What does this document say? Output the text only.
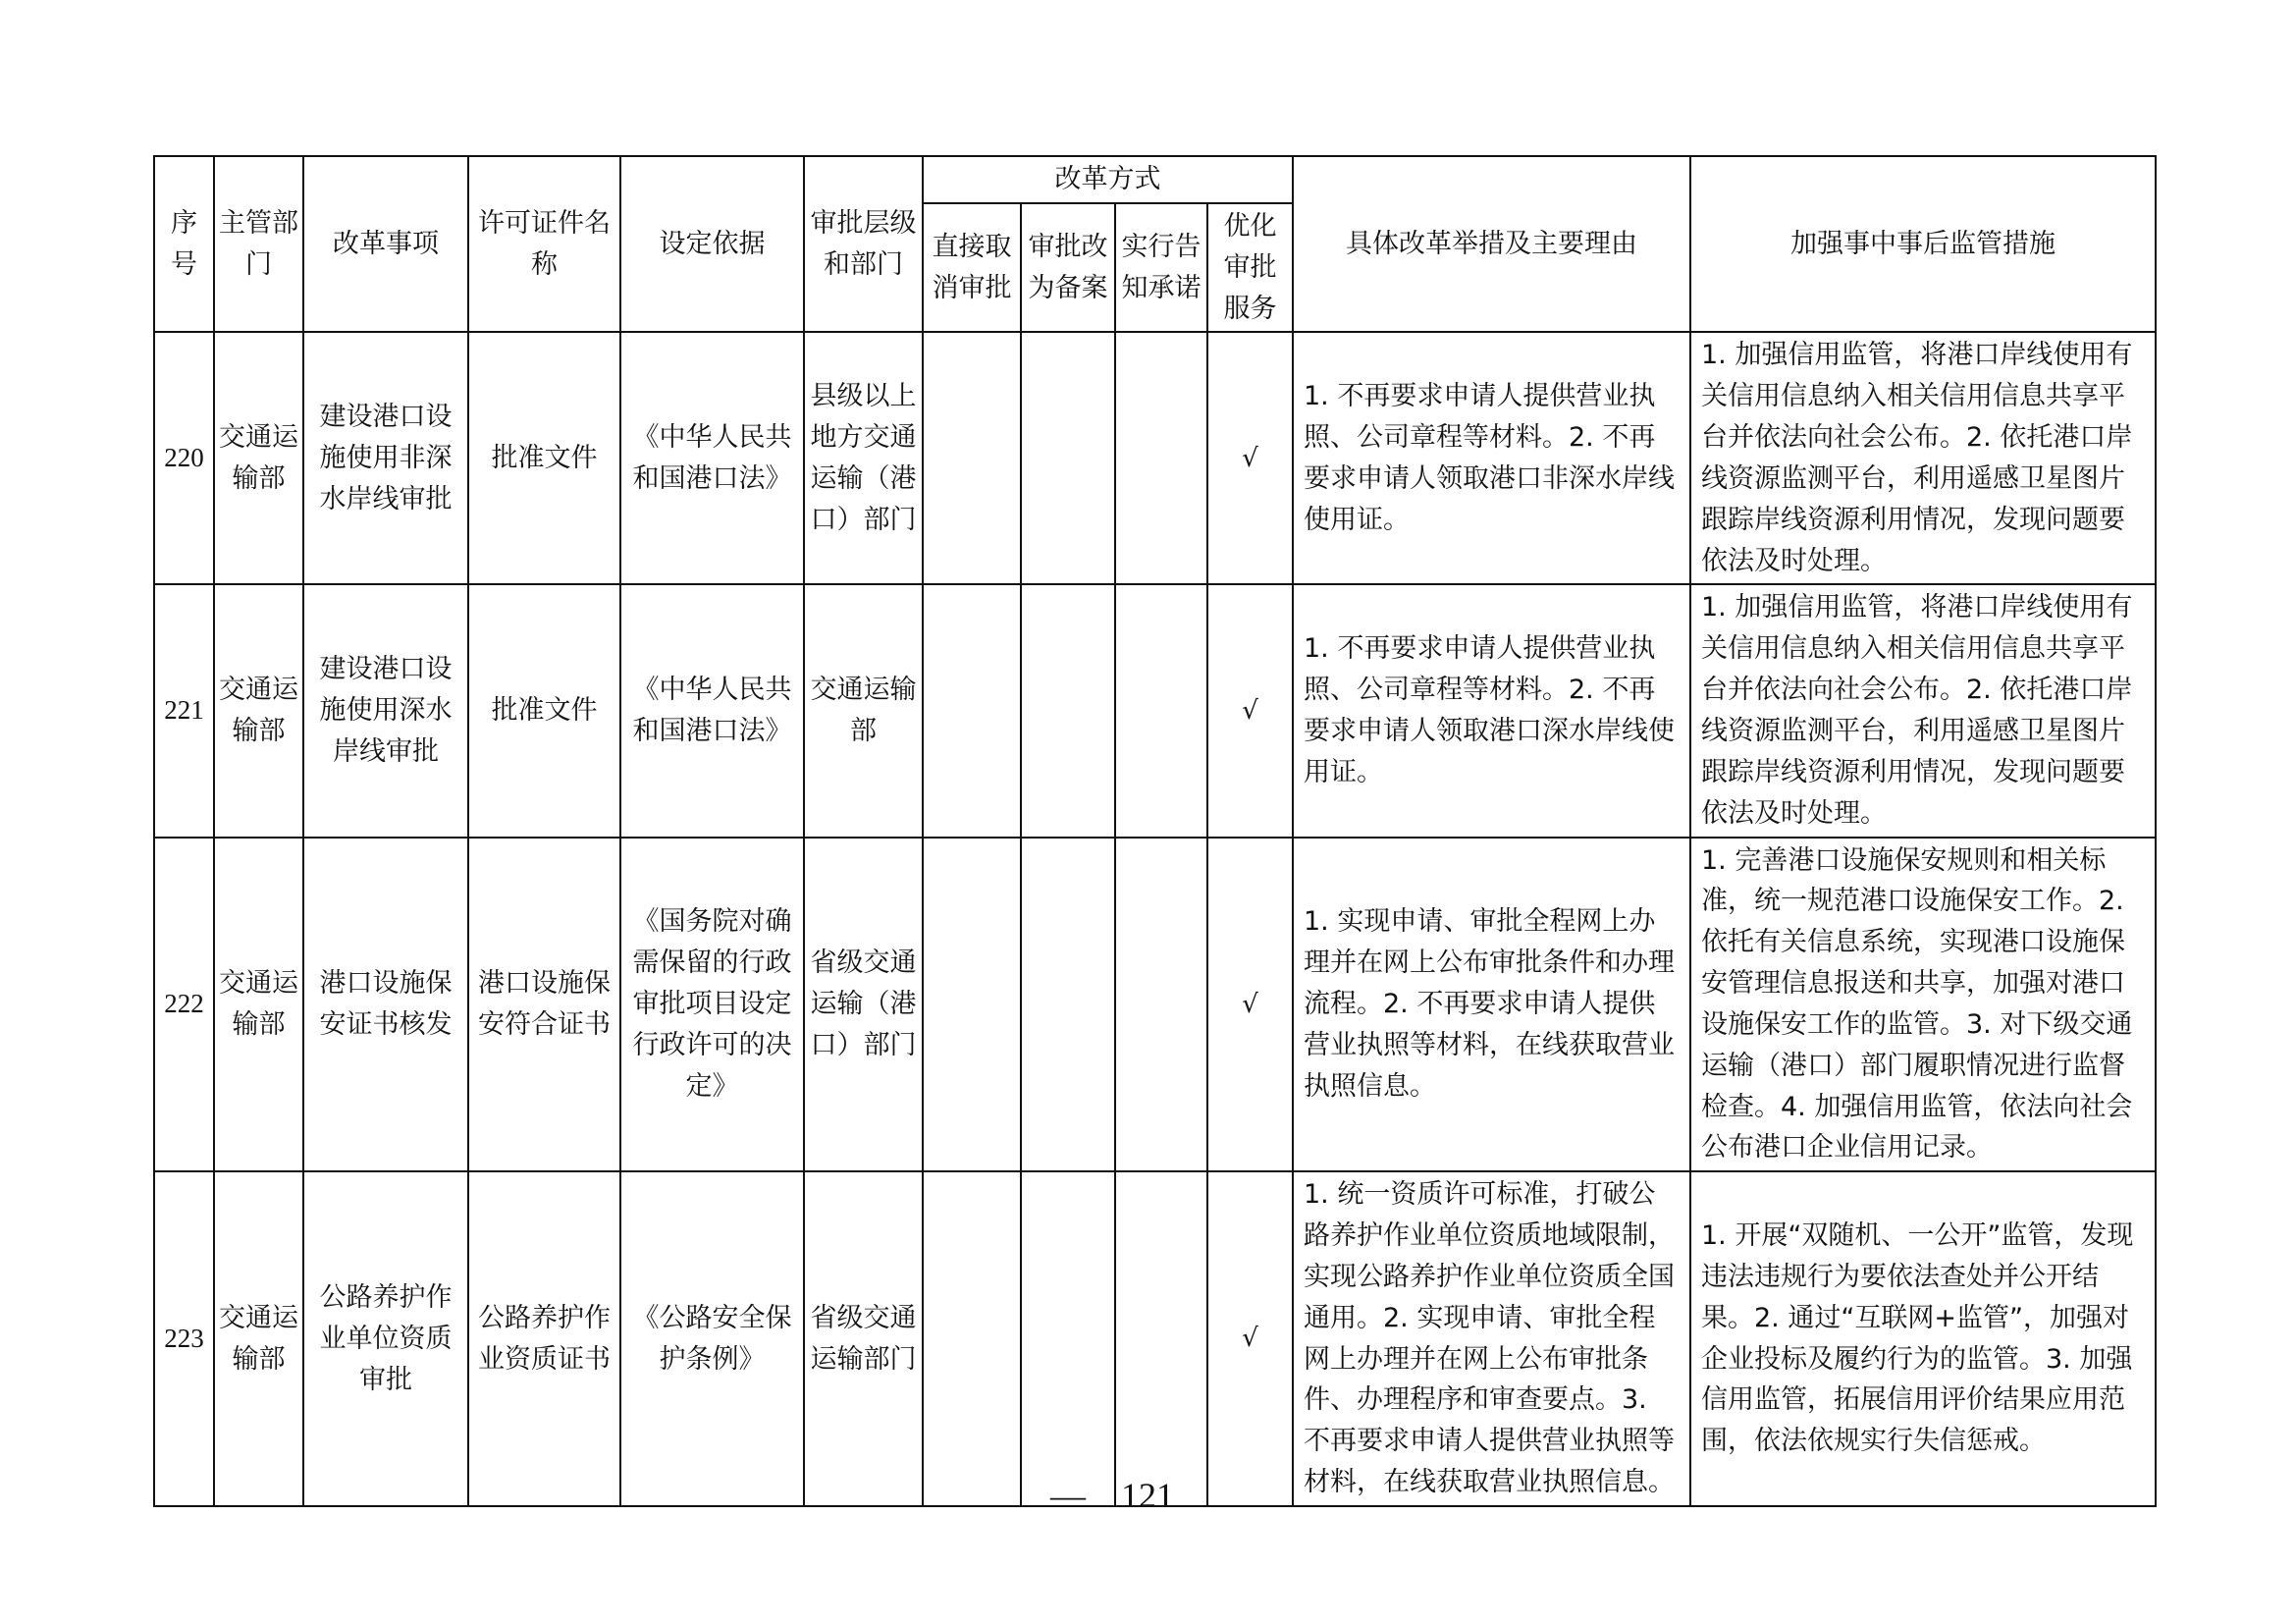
序号	主管部门	改革事项	许可证件名称	设定依据	审批层级和部门	改革方式				具体改革举措及主要理由	加强事中事后监管措施
						直接取消审批	审批改为备案	实行告知承诺	优化审批服务		
220	交通运输部	建设港口设施使用非深水岸线审批	批准文件	《中华人民共和国港口法》	县级以上地方交通运输（港口）部门				√	1. 不再要求申请人提供营业执照、公司章程等材料。2. 不再要求申请人领取港口非深水岸线使用证。	1. 加强信用监管，将港口岸线使用有关信用信息纳入相关信用信息共享平台并依法向社会公布。2. 依托港口岸线资源监测平台，利用遥感卫星图片跟踪岸线资源利用情况，发现问题要依法及时处理。
221	交通运输部	建设港口设施使用深水岸线审批	批准文件	《中华人民共和国港口法》	交通运输部				√	1. 不再要求申请人提供营业执照、公司章程等材料。2. 不再要求申请人领取港口深水岸线使用证。	1. 加强信用监管，将港口岸线使用有关信用信息纳入相关信用信息共享平台并依法向社会公布。2. 依托港口岸线资源监测平台，利用遥感卫星图片跟踪岸线资源利用情况，发现问题要依法及时处理。
222	交通运输部	港口设施保安证书核发	港口设施保安符合证书	《国务院对确需保留的行政审批项目设定行政许可的决定》	省级交通运输（港口）部门				√	1. 实现申请、审批全程网上办理并在网上公布审批条件和办理流程。2. 不再要求申请人提供营业执照等材料，在线获取营业执照信息。	1. 完善港口设施保安规则和相关标准，统一规范港口设施保安工作。2. 依托有关信息系统，实现港口设施保安管理信息报送和共享，加强对港口设施保安工作的监管。3. 对下级交通运输（港口）部门履职情况进行监督检查。4. 加强信用监管，依法向社会公布港口企业信用记录。
223	交通运输部	公路养护作业单位资质审批	公路养护作业资质证书	《公路安全保护条例》	省级交通运输部门				√	1. 统一资质许可标准，打破公路养护作业单位资质地域限制，实现公路养护作业单位资质全国通用。2. 实现申请、审批全程网上办理并在网上公布审批条件、办理程序和审查要点。3. 不再要求申请人提供营业执照等材料，在线获取营业执照信息。	1. 开展“双随机、一公开”监管，发现违法违规行为要依法查处并公开结果。2. 通过“互联网+监管”，加强对企业投标及履约行为的监管。3. 加强信用监管，拓展信用评价结果应用范围，依法依规实行失信惩戒。
—　121
